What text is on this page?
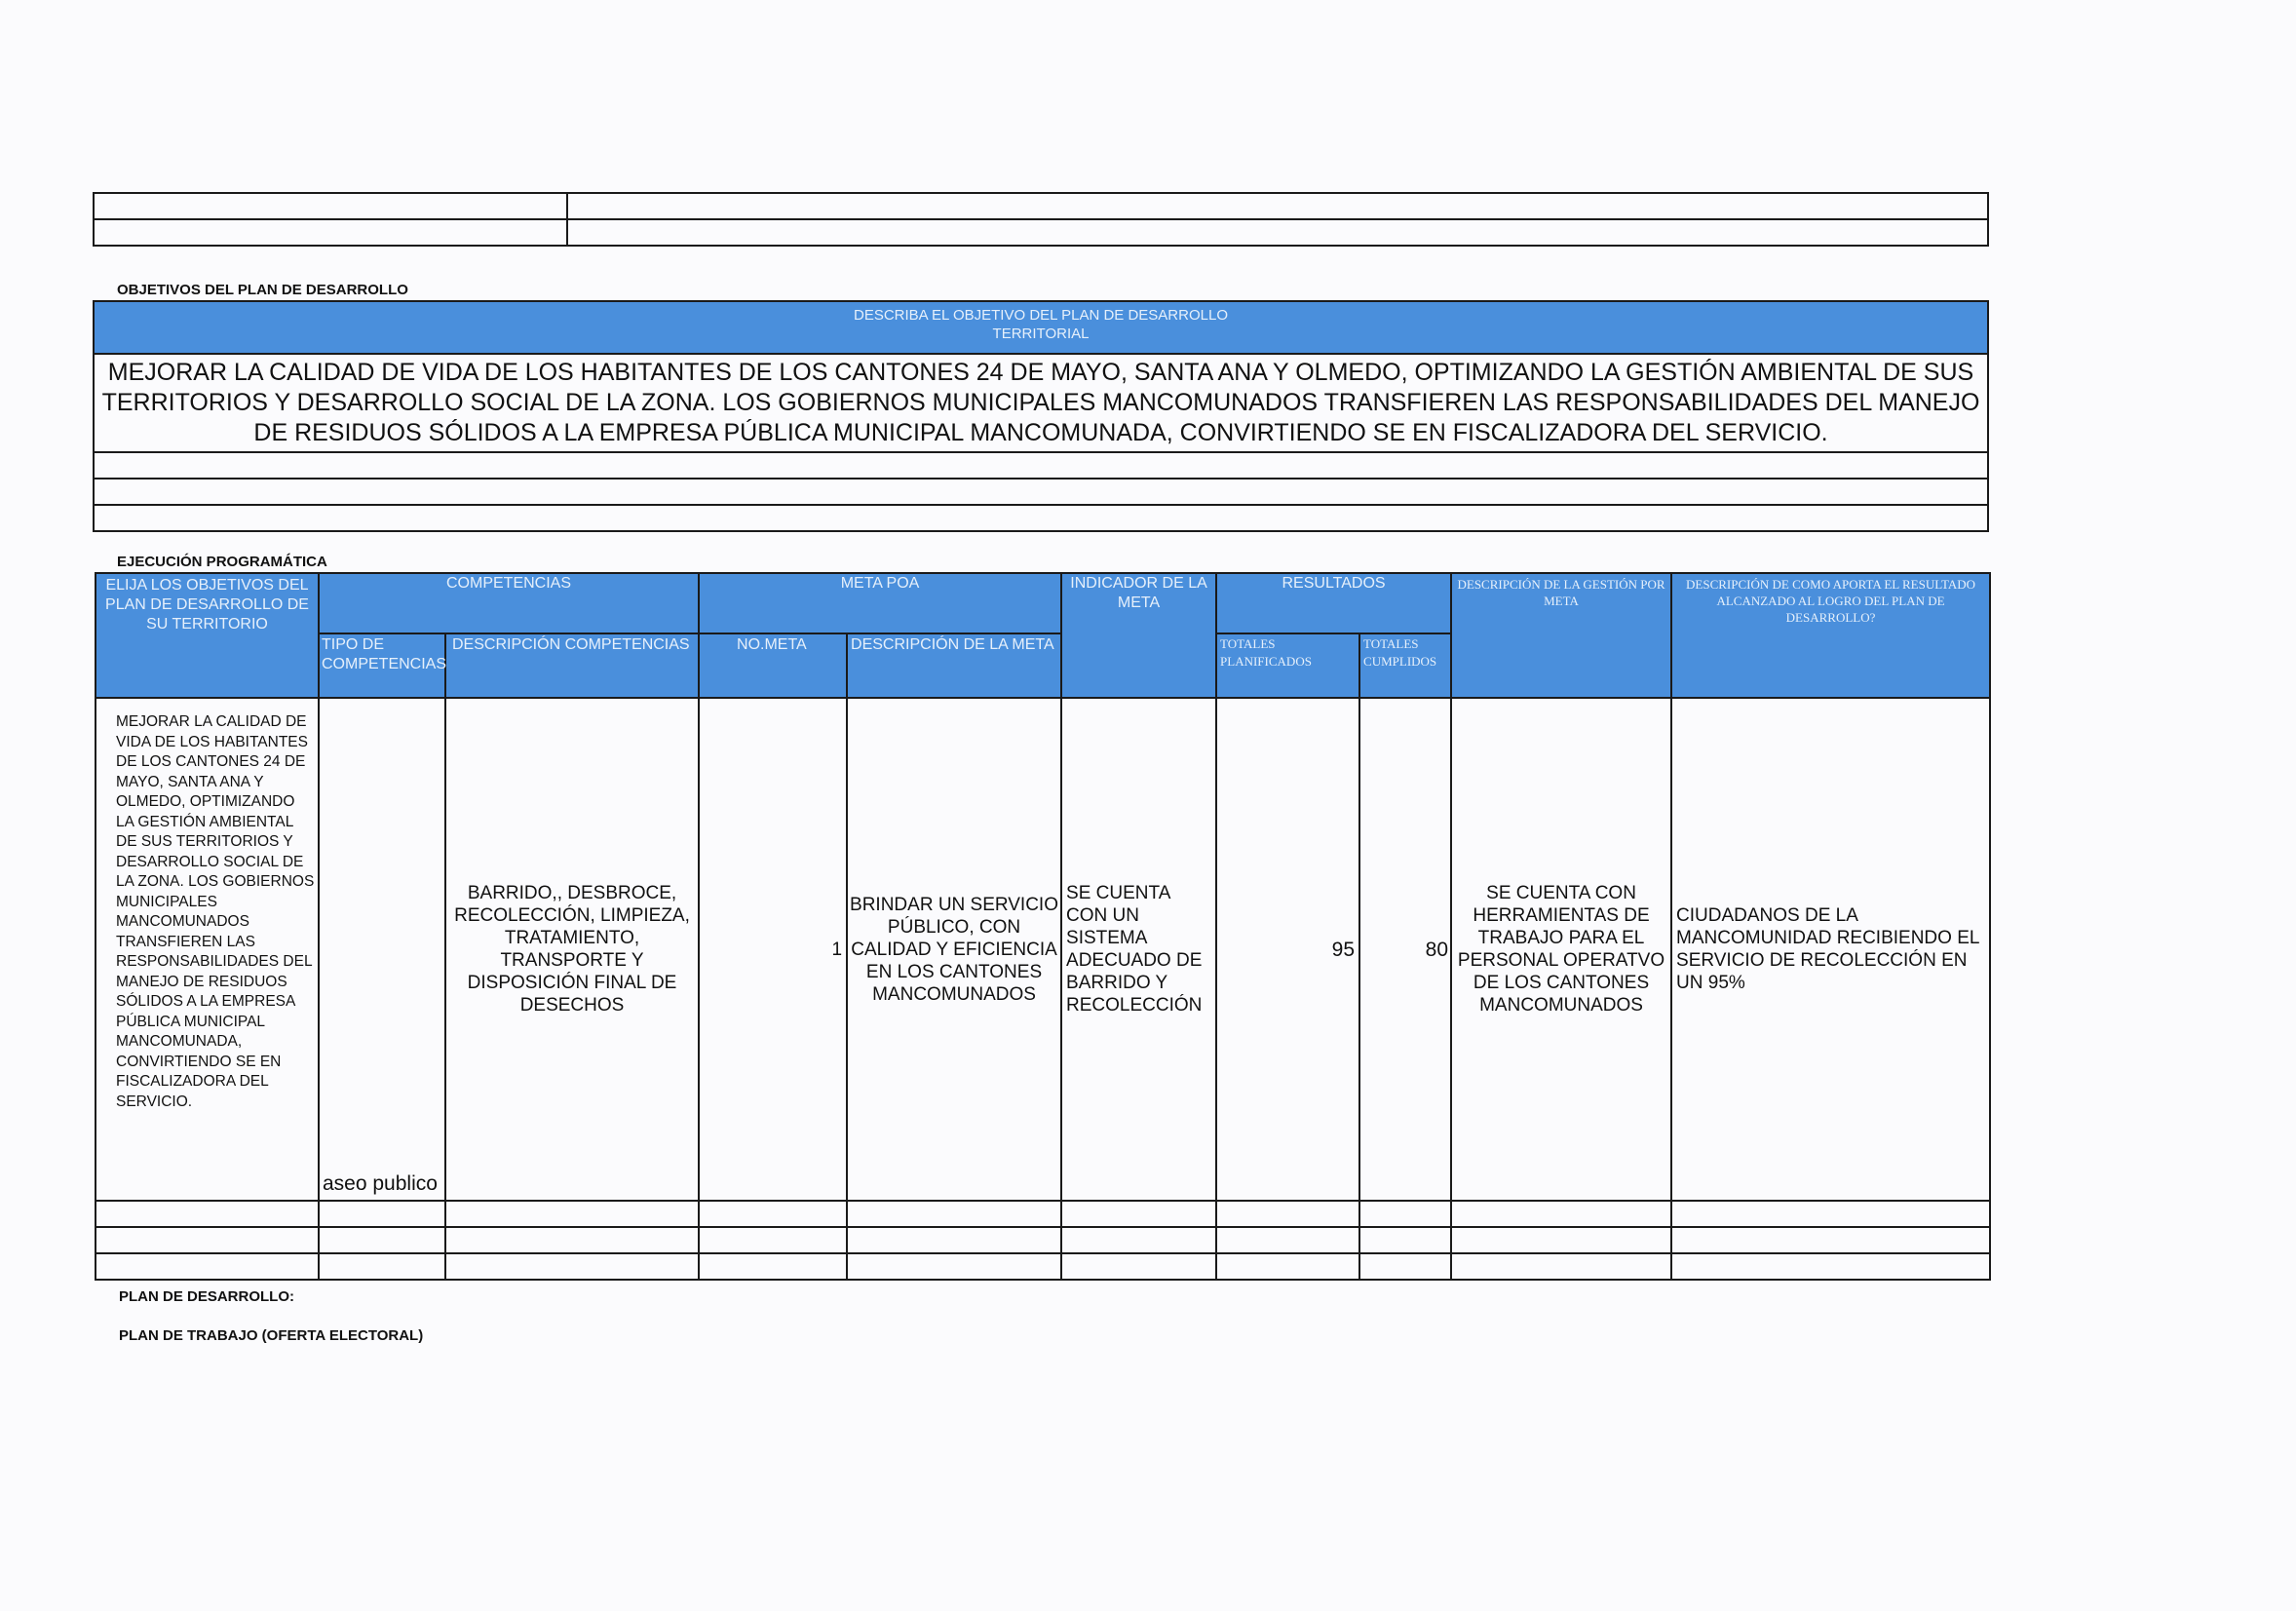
OBJETIVOS DEL PLAN DE DESARROLLO
DESCRIBA EL OBJETIVO DEL PLAN DE DESARROLLO
TERRITORIAL

MEJORAR LA CALIDAD DE VIDA DE LOS HABITANTES DE LOS CANTONES 24 DE MAYO, SANTA ANA Y OLMEDO, OPTIMIZANDO LA GESTIÓN AMBIENTAL DE SUS TERRITORIOS Y DESARROLLO SOCIAL DE LA ZONA. LOS GOBIERNOS MUNICIPALES MANCOMUNADOS TRANSFIEREN LAS RESPONSABILIDADES DEL MANEJO DE RESIDUOS SÓLIDOS A LA EMPRESA PÚBLICA MUNICIPAL MANCOMUNADA, CONVIRTIENDO SE EN FISCALIZADORA DEL SERVICIO.

EJECUCIÓN PROGRAMÁTICA
ELIJA LOS OBJETIVOS DEL PLAN DE DESARROLLO DE SU TERRITORIO	COMPETENCIAS		META POA		INDICADOR DE LA META	RESULTADOS		DESCRIPCIÓN DE LA GESTIÓN POR META	DESCRIPCIÓN DE COMO APORTA EL RESULTADO ALCANZADO AL LOGRO DEL PLAN DE DESARROLLO?
	TIPO DE COMPETENCIAS	DESCRIPCIÓN COMPETENCIAS	NO.META	DESCRIPCIÓN DE LA META		TOTALES PLANIFICADOS	TOTALES CUMPLIDOS		
MEJORAR LA CALIDAD DE VIDA DE LOS HABITANTES DE LOS CANTONES 24 DE MAYO, SANTA ANA Y OLMEDO, OPTIMIZANDO LA GESTIÓN AMBIENTAL DE SUS TERRITORIOS Y DESARROLLO SOCIAL DE LA ZONA. LOS GOBIERNOS MUNICIPALES MANCOMUNADOS TRANSFIEREN LAS RESPONSABILIDADES DEL MANEJO DE RESIDUOS SÓLIDOS A LA EMPRESA PÚBLICA MUNICIPAL MANCOMUNADA, CONVIRTIENDO SE EN FISCALIZADORA DEL SERVICIO.	aseo publico	BARRIDO,, DESBROCE, RECOLECCIÓN, LIMPIEZA, TRATAMIENTO, TRANSPORTE Y DISPOSICIÓN FINAL DE DESECHOS	1	BRINDAR UN SERVICIO PÚBLICO, CON CALIDAD Y EFICIENCIA EN LOS CANTONES MANCOMUNADOS	SE CUENTA CON UN SISTEMA ADECUADO DE BARRIDO Y RECOLECCIÓN	95	80	SE CUENTA CON HERRAMIENTAS DE TRABAJO PARA EL PERSONAL OPERATVO DE LOS CANTONES MANCOMUNADOS	CIUDADANOS DE LA MANCOMUNIDAD RECIBIENDO EL SERVICIO DE RECOLECCIÓN EN UN 95%

PLAN DE DESARROLLO:
PLAN DE TRABAJO (OFERTA ELECTORAL)
